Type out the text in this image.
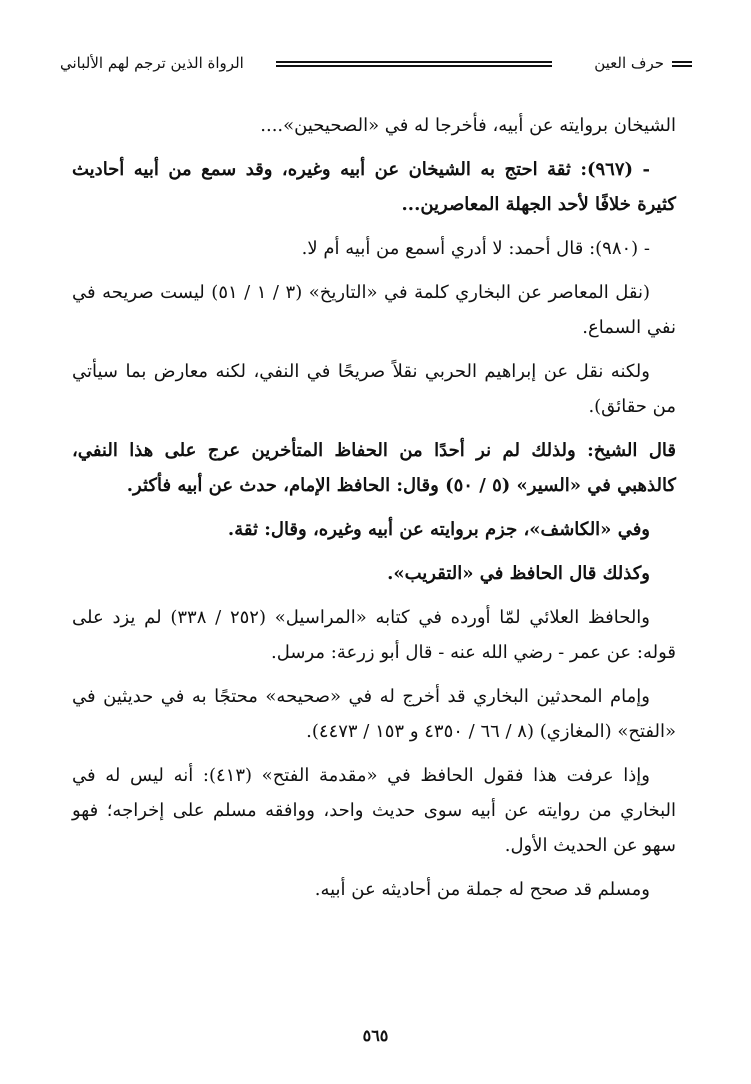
حرف العين
الرواة الذين ترجم لهم الألباني

الشيخان بروايته عن أبيه، فأخرجا له في «الصحيحين»....

- (٩٦٧): ثقة احتج به الشيخان عن أبيه وغيره، وقد سمع من أبيه أحاديث كثيرة خلافًا لأحد الجهلة المعاصرين...

- (٩٨٠): قال أحمد: لا أدري أسمع من أبيه أم لا.

(نقل المعاصر عن البخاري كلمة في «التاريخ» (٣ / ١ / ٥١) ليست صريحه في نفي السماع.

ولكنه نقل عن إبراهيم الحربي نقلاً صريحًا في النفي، لكنه معارض بما سيأتي من حقائق).

قال الشيخ: ولذلك لم نر أحدًا من الحفاظ المتأخرين عرج على هذا النفي، كالذهبي في «السير» (٥ / ٥٠) وقال: الحافظ الإمام، حدث عن أبيه فأكثر.

وفي «الكاشف»، جزم بروايته عن أبيه وغيره، وقال: ثقة.

وكذلك قال الحافظ في «التقريب».

والحافظ العلائي لمّا أورده في كتابه «المراسيل» (٢٥٢ / ٣٣٨) لم يزد على قوله: عن عمر - رضي الله عنه - قال أبو زرعة: مرسل.

وإمام المحدثين البخاري قد أخرج له في «صحيحه» محتجًا به في حديثين في «الفتح» (المغازي) (٨ / ٦٦ / ٤٣٥٠ و ١٥٣ / ٤٤٧٣).

وإذا عرفت هذا فقول الحافظ في «مقدمة الفتح» (٤١٣): أنه ليس له في البخاري من روايته عن أبيه سوى حديث واحد، ووافقه مسلم على إخراجه؛ فهو سهو عن الحديث الأول.

ومسلم قد صحح له جملة من أحاديثه عن أبيه.

٥٦٥
